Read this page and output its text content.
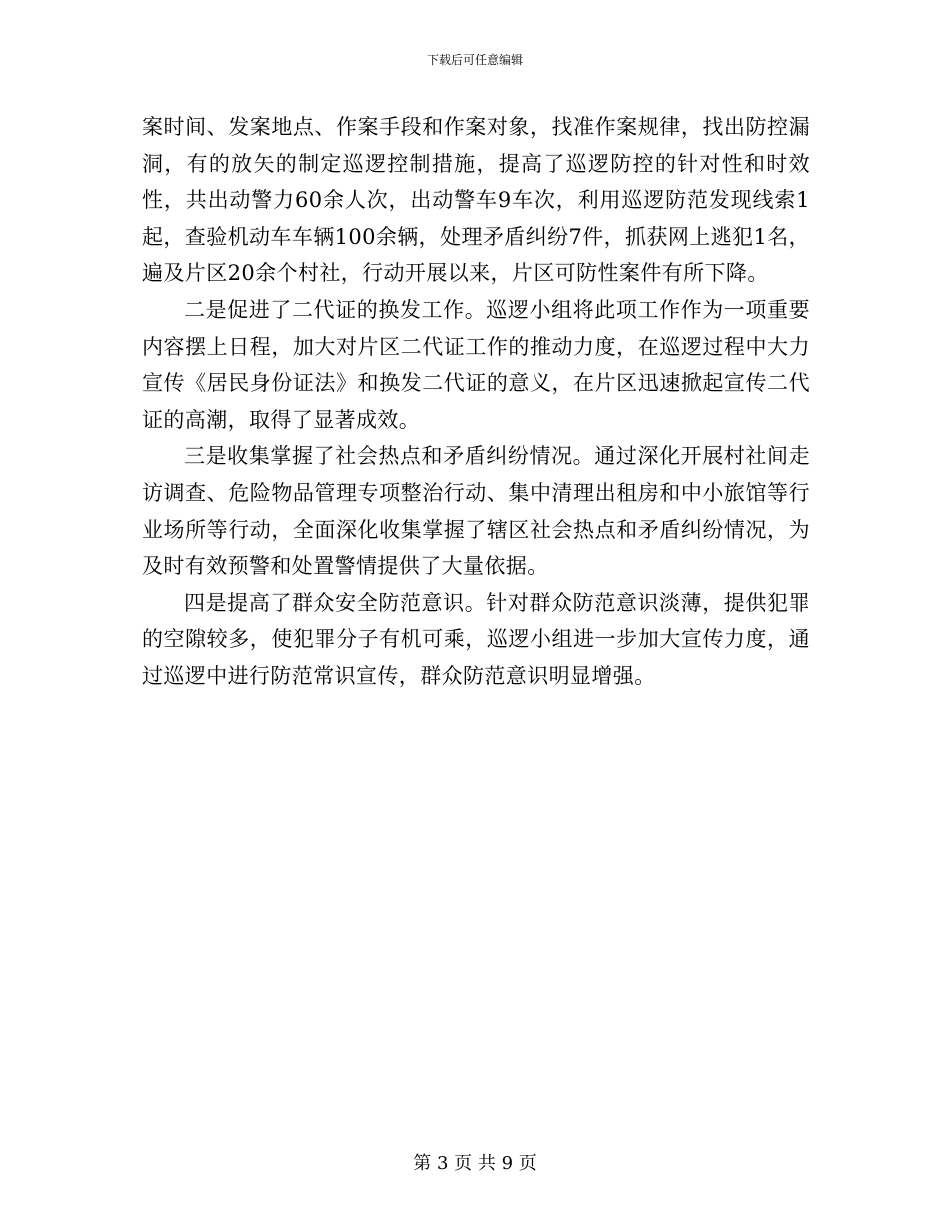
下载后可任意编辑

案时间、发案地点、作案手段和作案对象，找准作案规律，找出防控漏洞，有的放矢的制定巡逻控制措施，提高了巡逻防控的针对性和时效性，共出动警力60余人次，出动警车9车次，利用巡逻防范发现线索1起，查验机动车车辆100余辆，处理矛盾纠纷7件，抓获网上逃犯1名，遍及片区20余个村社，行动开展以来，片区可防性案件有所下降。

二是促进了二代证的换发工作。巡逻小组将此项工作作为一项重要内容摆上日程，加大对片区二代证工作的推动力度，在巡逻过程中大力宣传《居民身份证法》和换发二代证的意义，在片区迅速掀起宣传二代证的高潮，取得了显著成效。

三是收集掌握了社会热点和矛盾纠纷情况。通过深化开展村社间走访调查、危险物品管理专项整治行动、集中清理出租房和中小旅馆等行业场所等行动，全面深化收集掌握了辖区社会热点和矛盾纠纷情况，为及时有效预警和处置警情提供了大量依据。

四是提高了群众安全防范意识。针对群众防范意识淡薄，提供犯罪的空隙较多，使犯罪分子有机可乘，巡逻小组进一步加大宣传力度，通过巡逻中进行防范常识宣传，群众防范意识明显增强。

第 3 页 共 9 页
